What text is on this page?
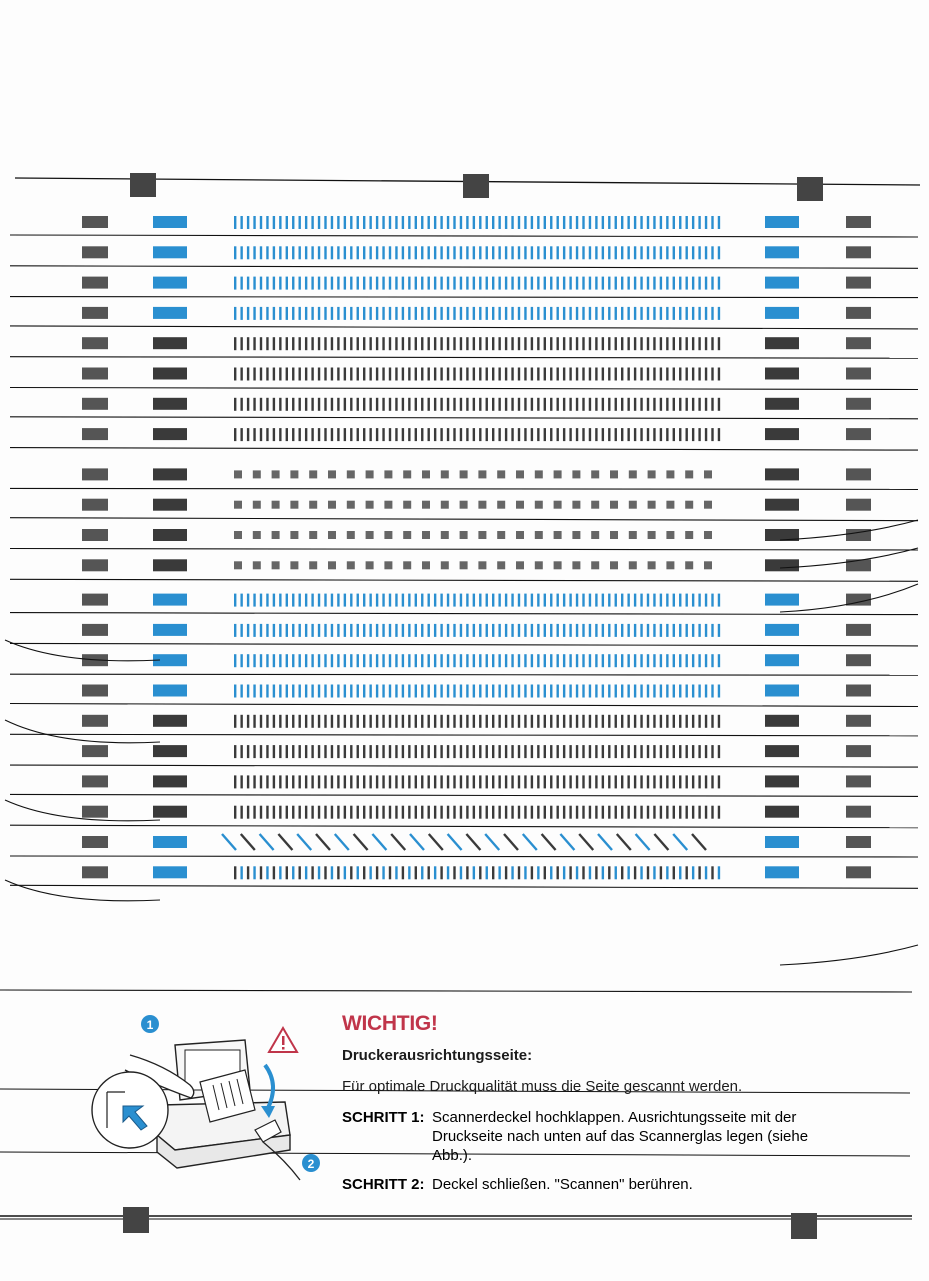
1
2
WICHTIG!
Druckerausrichtungsseite:
Für optimale Druckqualität muss die Seite gescannt werden.
SCHRITT 1: Scannerdeckel hochklappen. Ausrichtungsseite mit der Druckseite nach unten auf das Scannerglas legen (siehe Abb.).
SCHRITT 2: Deckel schließen. "Scannen" berühren.
